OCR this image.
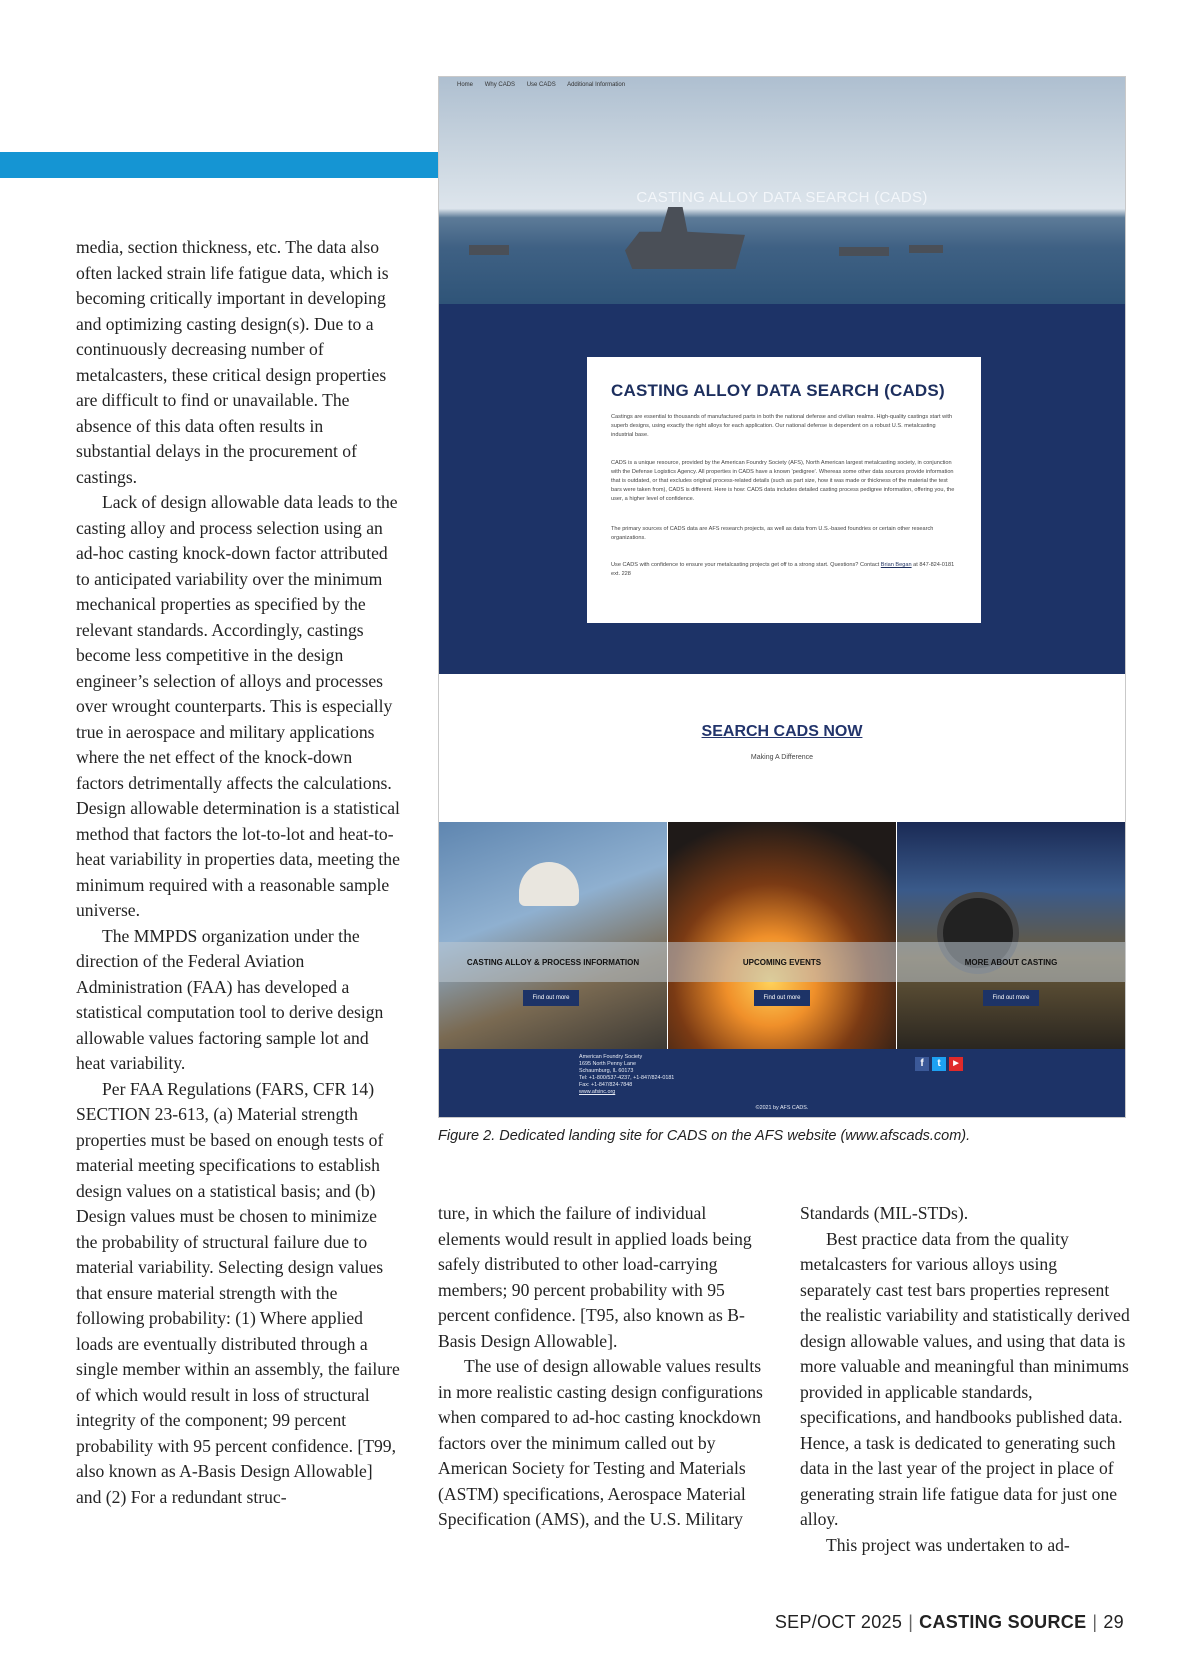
media, section thickness, etc. The data also often lacked strain life fatigue data, which is becoming critically important in developing and optimizing casting design(s). Due to a continuously decreasing number of metalcasters, these critical design properties are difficult to find or unavailable. The absence of this data often results in substantial delays in the procurement of castings.

Lack of design allowable data leads to the casting alloy and process selection using an ad-hoc casting knock-down factor attributed to anticipated variability over the minimum mechanical properties as specified by the relevant standards. Accordingly, castings become less competitive in the design engineer’s selection of alloys and processes over wrought counterparts. This is especially true in aerospace and military applications where the net effect of the knock-down factors detrimentally affects the calculations. Design allowable determination is a statistical method that factors the lot-to-lot and heat-to-heat variability in properties data, meeting the minimum required with a reasonable sample universe.

The MMPDS organization under the direction of the Federal Aviation Administration (FAA) has developed a statistical computation tool to derive design allowable values factoring sample lot and heat variability.

Per FAA Regulations (FARS, CFR 14) SECTION 23-613, (a) Material strength properties must be based on enough tests of material meeting specifications to establish design values on a statistical basis; and (b) Design values must be chosen to minimize the probability of structural failure due to material variability. Selecting design values that ensure material strength with the following probability: (1) Where applied loads are eventually distributed through a single member within an assembly, the failure of which would result in loss of structural integrity of the component; 99 percent probability with 95 percent confidence. [T99, also known as A-Basis Design Allowable] and (2) For a redundant struc-

Home Why CADS Use CADS Additional Information
CASTING ALLOY DATA SEARCH (CADS)
CASTING ALLOY DATA SEARCH (CADS)
Castings are essential to thousands of manufactured parts in both the national defense and civilian realms. High-quality castings start with superb designs, using exactly the right alloys for each application. Our national defense is dependent on a robust U.S. metalcasting industrial base.
CADS is a unique resource, provided by the American Foundry Society (AFS), North American largest metalcasting society, in conjunction with the Defense Logistics Agency. All properties in CADS have a known ‘pedigree’. Whereas some other data sources provide information that is outdated, or that excludes original process-related details (such as part size, how it was made or thickness of the material the test bars were taken from), CADS is different. Here is how: CADS data includes detailed casting process pedigree information, offering you, the user, a higher level of confidence.
The primary sources of CADS data are AFS research projects, as well as data from U.S.-based foundries or certain other research organizations.
Use CADS with confidence to ensure your metalcasting projects get off to a strong start. Questions? Contact Brian Began at 847-824-0181 ext. 228
SEARCH CADS NOW
Making A Difference
CASTING ALLOY & PROCESS INFORMATION
Find out more
UPCOMING EVENTS
Find out more
MORE ABOUT CASTING
Find out more
American Foundry Society
1695 North Penny Lane
Schaumburg, IL 60173
Tel: +1-800/537-4237, +1-847/824-0181
Fax: +1-847/824-7848
www.afsinc.org
f	t	▶
©2021 by AFS CADS.
Figure 2. Dedicated landing site for CADS on the AFS website (www.afscads.com).

ture, in which the failure of individual elements would result in applied loads being safely distributed to other load-carrying members; 90 percent probability with 95 percent confidence. [T95, also known as B-Basis Design Allowable].

The use of design allowable values results in more realistic casting design configurations when compared to ad-hoc casting knockdown factors over the minimum called out by American Society for Testing and Materials (ASTM) specifications, Aerospace Material Specification (AMS), and the U.S. Military

Standards (MIL-STDs).

Best practice data from the quality metalcasters for various alloys using separately cast test bars properties represent the realistic variability and statistically derived design allowable values, and using that data is more valuable and meaningful than minimums provided in applicable standards, specifications, and handbooks published data. Hence, a task is dedicated to generating such data in the last year of the project in place of generating strain life fatigue data for just one alloy.

This project was undertaken to ad-

SEP/OCT 2025 | CASTING SOURCE | 29
